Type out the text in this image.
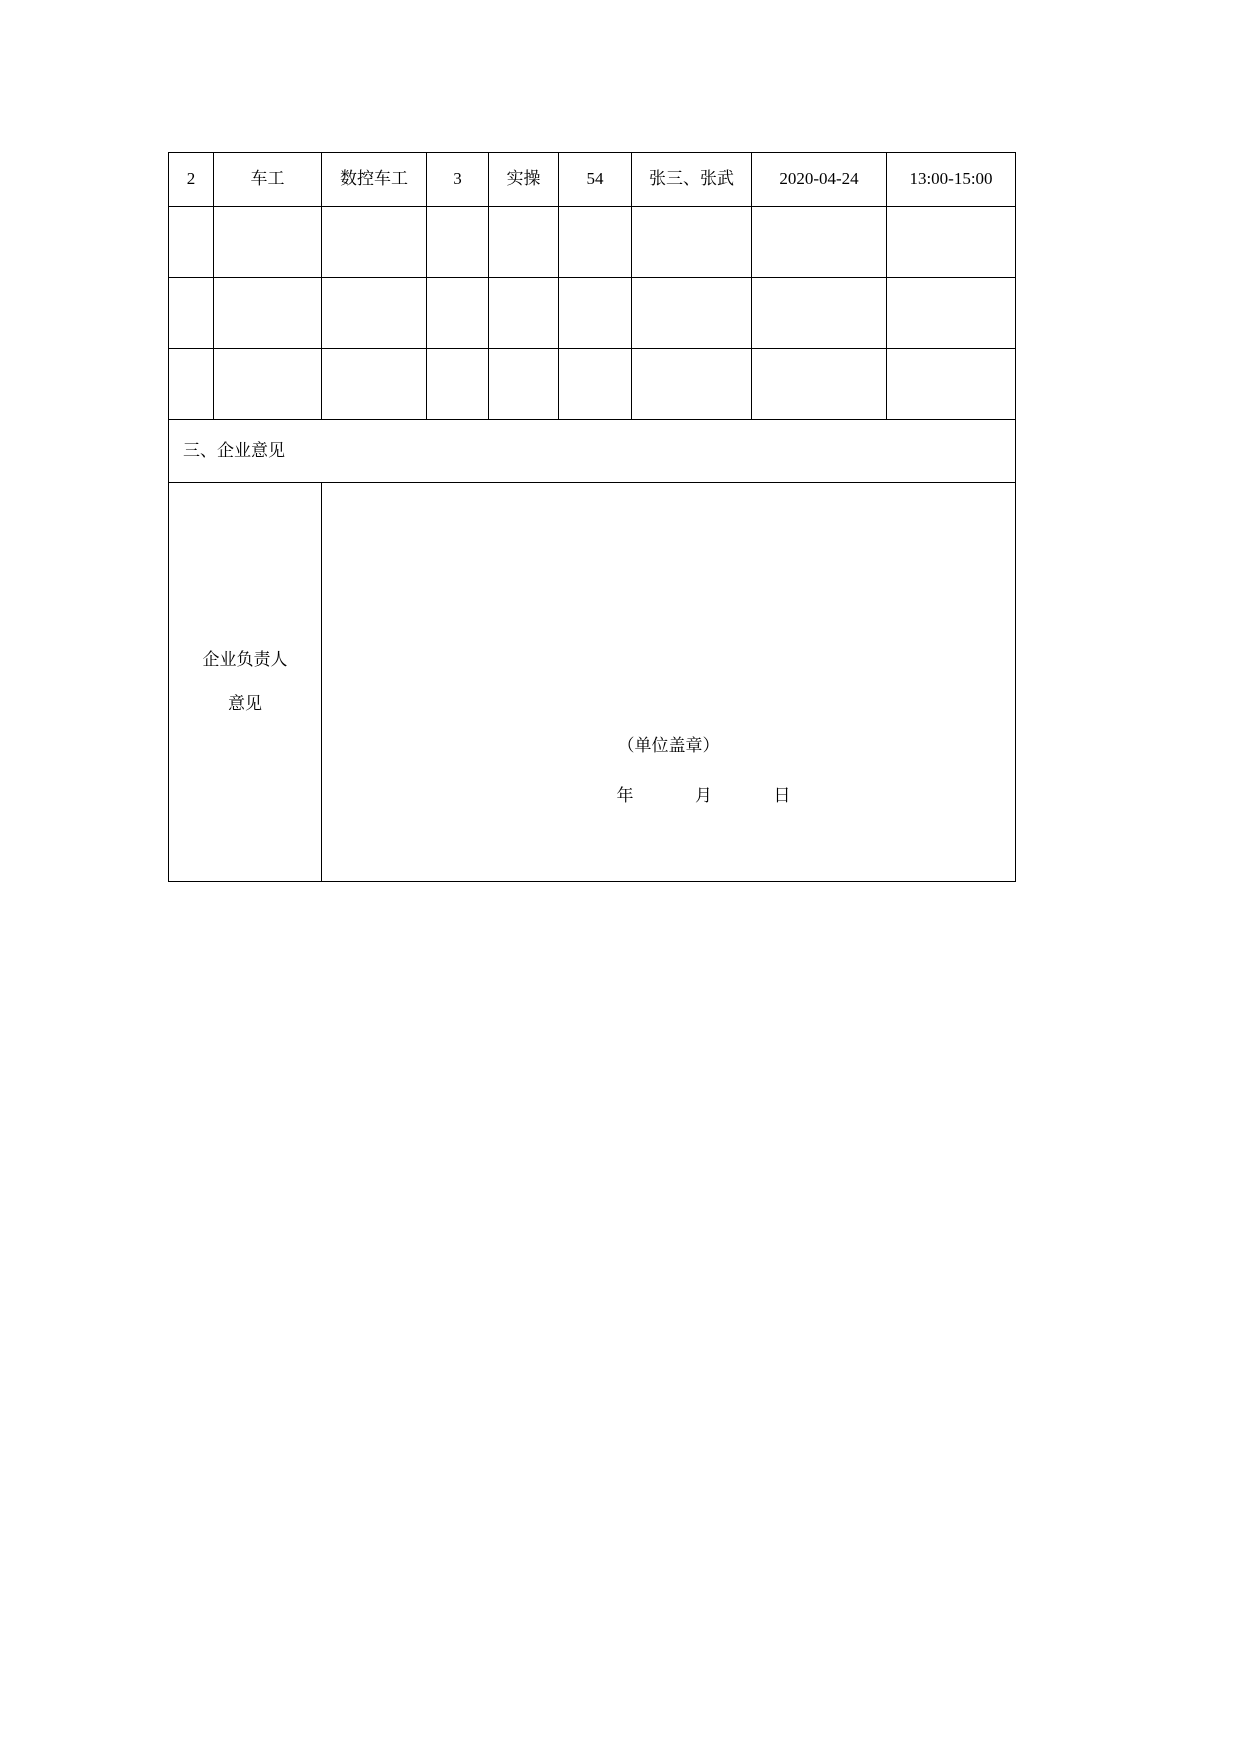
2	车工	数控车工	3	实操	54	张三、张武	2020-04-24	13:00-15:00

三、企业意见								

企业负责人
意见

（单位盖章）
年	月	日
